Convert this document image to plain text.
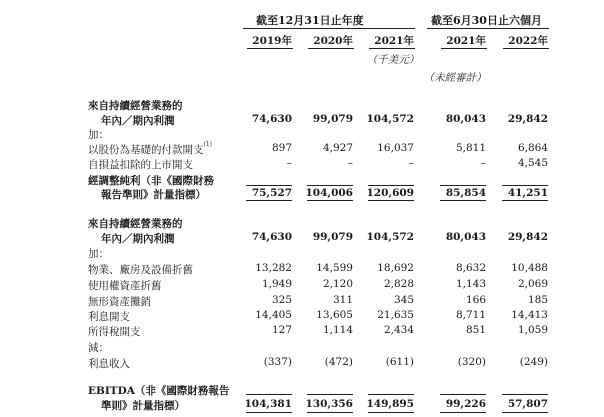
截至12月31日止年度	截至6月30日止六個月
2019年	2020年	2021年	2021年	2022年
（千美元）
（未經審計）
來自持續經營業務的
年內／期內利潤	74,630	99,079	104,572	80,043	29,842
加：
以股份為基礎的付款開支$^{(1)}$	897	4,927	16,037	5,811	6,864
自損益扣除的上市開支	–	–	–	–	4,545
經調整純利（非《國際財務
報告準則》計量指標）	75,527	104,006	120,609	85,854	41,251
來自持續經營業務的
年內／期內利潤	74,630	99,079	104,572	80,043	29,842
加：
物業、廠房及設備折舊	13,282	14,599	18,692	8,632	10,488
使用權資產折舊	1,949	2,120	2,828	1,143	2,069
無形資產攤銷	325	311	345	166	185
利息開支	14,405	13,605	21,635	8,711	14,413
所得稅開支	127	1,114	2,434	851	1,059
減：
利息收入	(337)	(472)	(611)	(320)	(249)
EBITDA（非《國際財務報告
準則》計量指標）	104,381	130,356	149,895	99,226	57,807
